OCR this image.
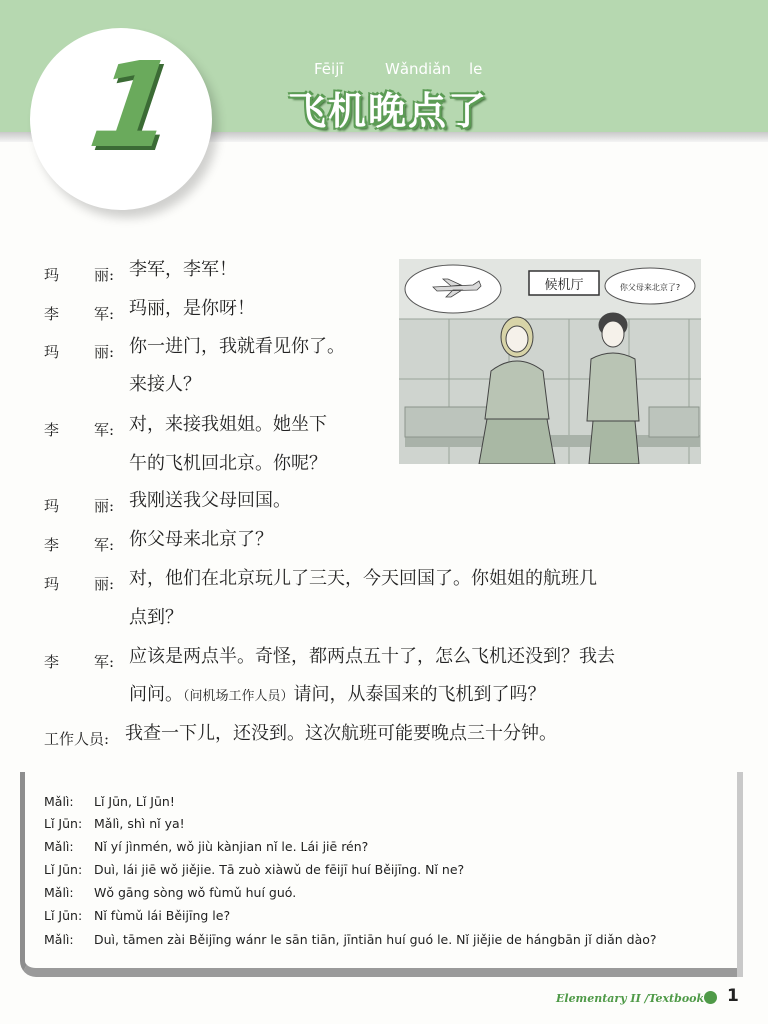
1	Fēijī	Wǎndiǎn le
飞机晚点了
玛 丽: 李军，李军！
李 军: 玛丽，是你呀！
玛 丽: 你一进门，我就看见你了。
来接人？
李 军: 对，来接我姐姐。她坐下
午的飞机回北京。你呢？
玛 丽: 我刚送我父母回国。
李 军: 你父母来北京了？
玛 丽: 对，他们在北京玩儿了三天，今天回国了。你姐姐的航班几
点到？
李 军: 应该是两点半。奇怪，都两点五十了，怎么飞机还没到？我去
问问。（问机场工作人员）请问，从泰国来的飞机到了吗？
工作人员: 我查一下儿，还没到。这次航班可能要晚点三十分钟。
候机厅	你父母来北京了?
Mǎlì: Lǐ Jūn, Lǐ Jūn!
Lǐ Jūn: Mǎlì, shì nǐ ya!
Mǎlì: Nǐ yí jìnmén, wǒ jiù kànjian nǐ le. Lái jiē rén?
Lǐ Jūn: Duì, lái jiē wǒ jiějie. Tā zuò xiàwǔ de fēijī huí Běijīng. Nǐ ne?
Mǎlì: Wǒ gāng sòng wǒ fùmǔ huí guó.
Lǐ Jūn: Nǐ fùmǔ lái Běijīng le?
Mǎlì: Duì, tāmen zài Běijīng wánr le sān tiān, jīntiān huí guó le. Nǐ jiějie de hángbān jǐ diǎn dào?
Elementary II /Textbook 1
